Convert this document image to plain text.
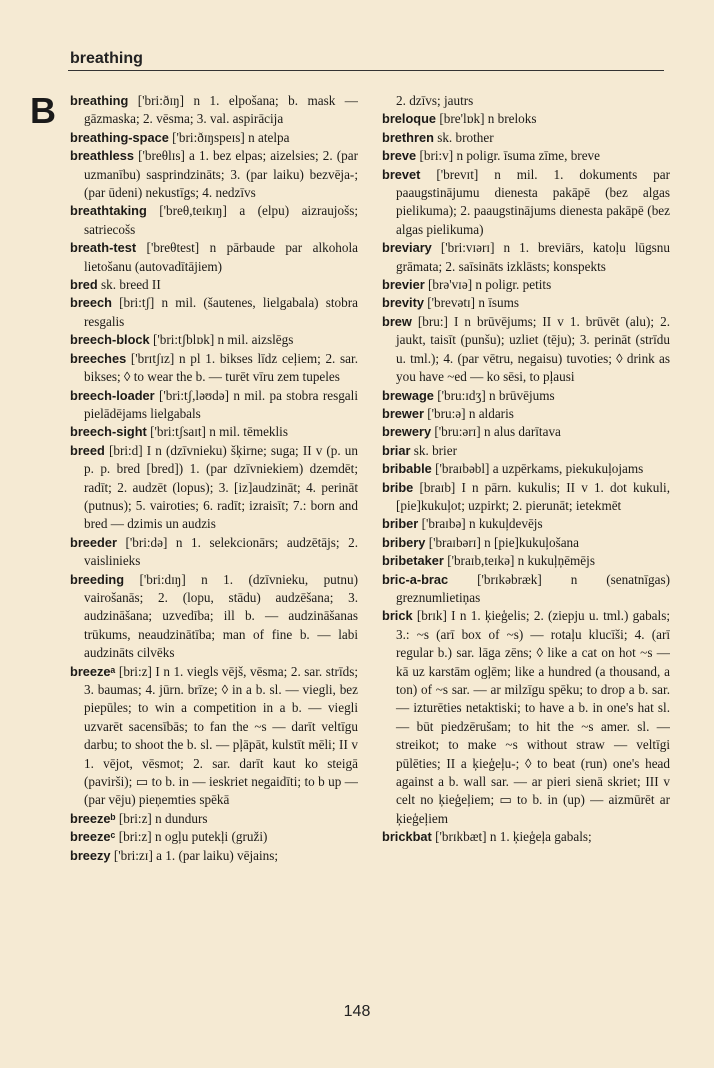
breathing
B breathing ['bri:ðɪŋ] n 1. elpošana; b. mask — gāzmaska; 2. vēsma; 3. val. aspirācija

breathing-space ['bri:ðɪŋspeɪs] n atelpa

breathless ['breθlɪs] a 1. bez elpas; aizelsies; 2. (par uzmanību) sasprindzināts; 3. (par laiku) bezvēja-; (par ūdeni) nekustīgs; 4. nedzīvs

breathtaking ['breθ,teɪkɪŋ] a (elpu) aizraujošs; satriecošs

breath-test ['breθtest] n pārbaude par alkohola lietošanu (autovadītājiem)

bred sk. breed II

breech [bri:tʃ] n mil. (šautenes, lielgabala) stobra resgalis

breech-block ['bri:tʃblɒk] n mil. aizslēgs

breeches ['brɪtʃɪz] n pl 1. bikses līdz ceļiem; 2. sar. bikses; ◊ to wear the b. — turēt vīru zem tupeles

breech-loader ['bri:tʃ,ləʊdə] n mil. pa stobra resgali pielādējams lielgabals

breech-sight ['bri:tʃsaɪt] n mil. tēmeklis

breed [bri:d] I n (dzīvnieku) šķirne; suga; II v (p. un p. p. bred [bred]) 1. (par dzīvniekiem) dzemdēt; radīt; 2. audzēt (lopus); 3. [iz]audzināt; 4. perināt (putnus); 5. vairoties; 6. radīt; izraisīt; 7.: born and bred — dzimis un audzis

breeder ['bri:də] n 1. selekcionārs; audzētājs; 2. vaislinieks

breeding ['bri:dɪŋ] n 1. (dzīvnieku, putnu) vairošanās; 2. (lopu, stādu) audzēšana; 3. audzināšana; uzvedība; ill b. — audzināšanas trūkums, neaudzinātība; man of fine b. — labi audzināts cilvēks

breezeᵃ [bri:z] I n 1. viegls vējš, vēsma; 2. sar. strīds; 3. baumas; 4. jūrn. brīze; ◊ in a b. sl. — viegli, bez piepūles; to win a competition in a b. — viegli uzvarēt sacensībās; to fan the ~s — darīt veltīgu darbu; to shoot the b. sl. — pļāpāt, kulstīt mēli; II v 1. vējot, vēsmot; 2. sar. darīt kaut ko steigā (pavirši); ▭ to b. in — ieskriet negaidīti; to b up — (par vēju) pieņemties spēkā

breezeᵇ [bri:z] n dundurs

breezeᶜ [bri:z] n ogļu putekļi (gruži)

breezy ['bri:zɪ] a 1. (par laiku) vējains;

2. dzīvs; jautrs

breloque [bre'lɒk] n breloks

brethren sk. brother

breve [bri:v] n poligr. īsuma zīme, breve

brevet ['brevɪt] n mil. 1. dokuments par paaugstinājumu dienesta pakāpē (bez algas pielikuma); 2. paaugstinājums dienesta pakāpē (bez algas pielikuma)

breviary ['bri:vɪərɪ] n 1. breviārs, katoļu lūgsnu grāmata; 2. saīsināts izklāsts; konspekts

brevier [brə'vɪə] n poligr. petits

brevity ['brevətɪ] n īsums

brew [bru:] I n brūvējums; II v 1. brūvēt (alu); 2. jaukt, taisīt (punšu); uzliet (tēju); 3. perināt (strīdu u. tml.); 4. (par vētru, negaisu) tuvoties; ◊ drink as you have ~ed — ko sēsi, to pļausi

brewage ['bru:ɪdʒ] n brūvējums

brewer ['bru:ə] n aldaris

brewery ['bru:ərɪ] n alus darītava

briar sk. brier

bribable ['braɪbəbl] a uzpērkams, piekukuļojams

bribe [braɪb] I n pārn. kukulis; II v 1. dot kukuli, [pie]kukuļot; uzpirkt; 2. pierunāt; ietekmēt

briber ['braɪbə] n kukuļdevējs

bribery ['braɪbərɪ] n [pie]kukuļošana

bribetaker ['braɪb,teɪkə] n kukuļņēmējs

bric-a-brac ['brɪkəbræk] n (senatnīgas) greznumlietiņas

brick [brɪk] I n 1. ķieģelis; 2. (ziepju u. tml.) gabals; 3.: ~s (arī box of ~s) — rotaļu klucīši; 4. (arī regular b.) sar. lāga zēns; ◊ like a cat on hot ~s — kā uz karstām ogļēm; like a hundred (a thousand, a ton) of ~s sar. — ar milzīgu spēku; to drop a b. sar. — izturēties netaktiski; to have a b. in one's hat sl. — būt piedzērušam; to hit the ~s amer. sl. — streikot; to make ~s without straw — veltīgi pūlēties; II a ķieģeļu-; ◊ to beat (run) one's head against a b. wall sar. — ar pieri sienā skriet; III v celt no ķieģeļiem; ▭ to b. in (up) — aizmūrēt ar ķieģeļiem

brickbat ['brɪkbæt] n 1. ķieģeļa gabals;

148
